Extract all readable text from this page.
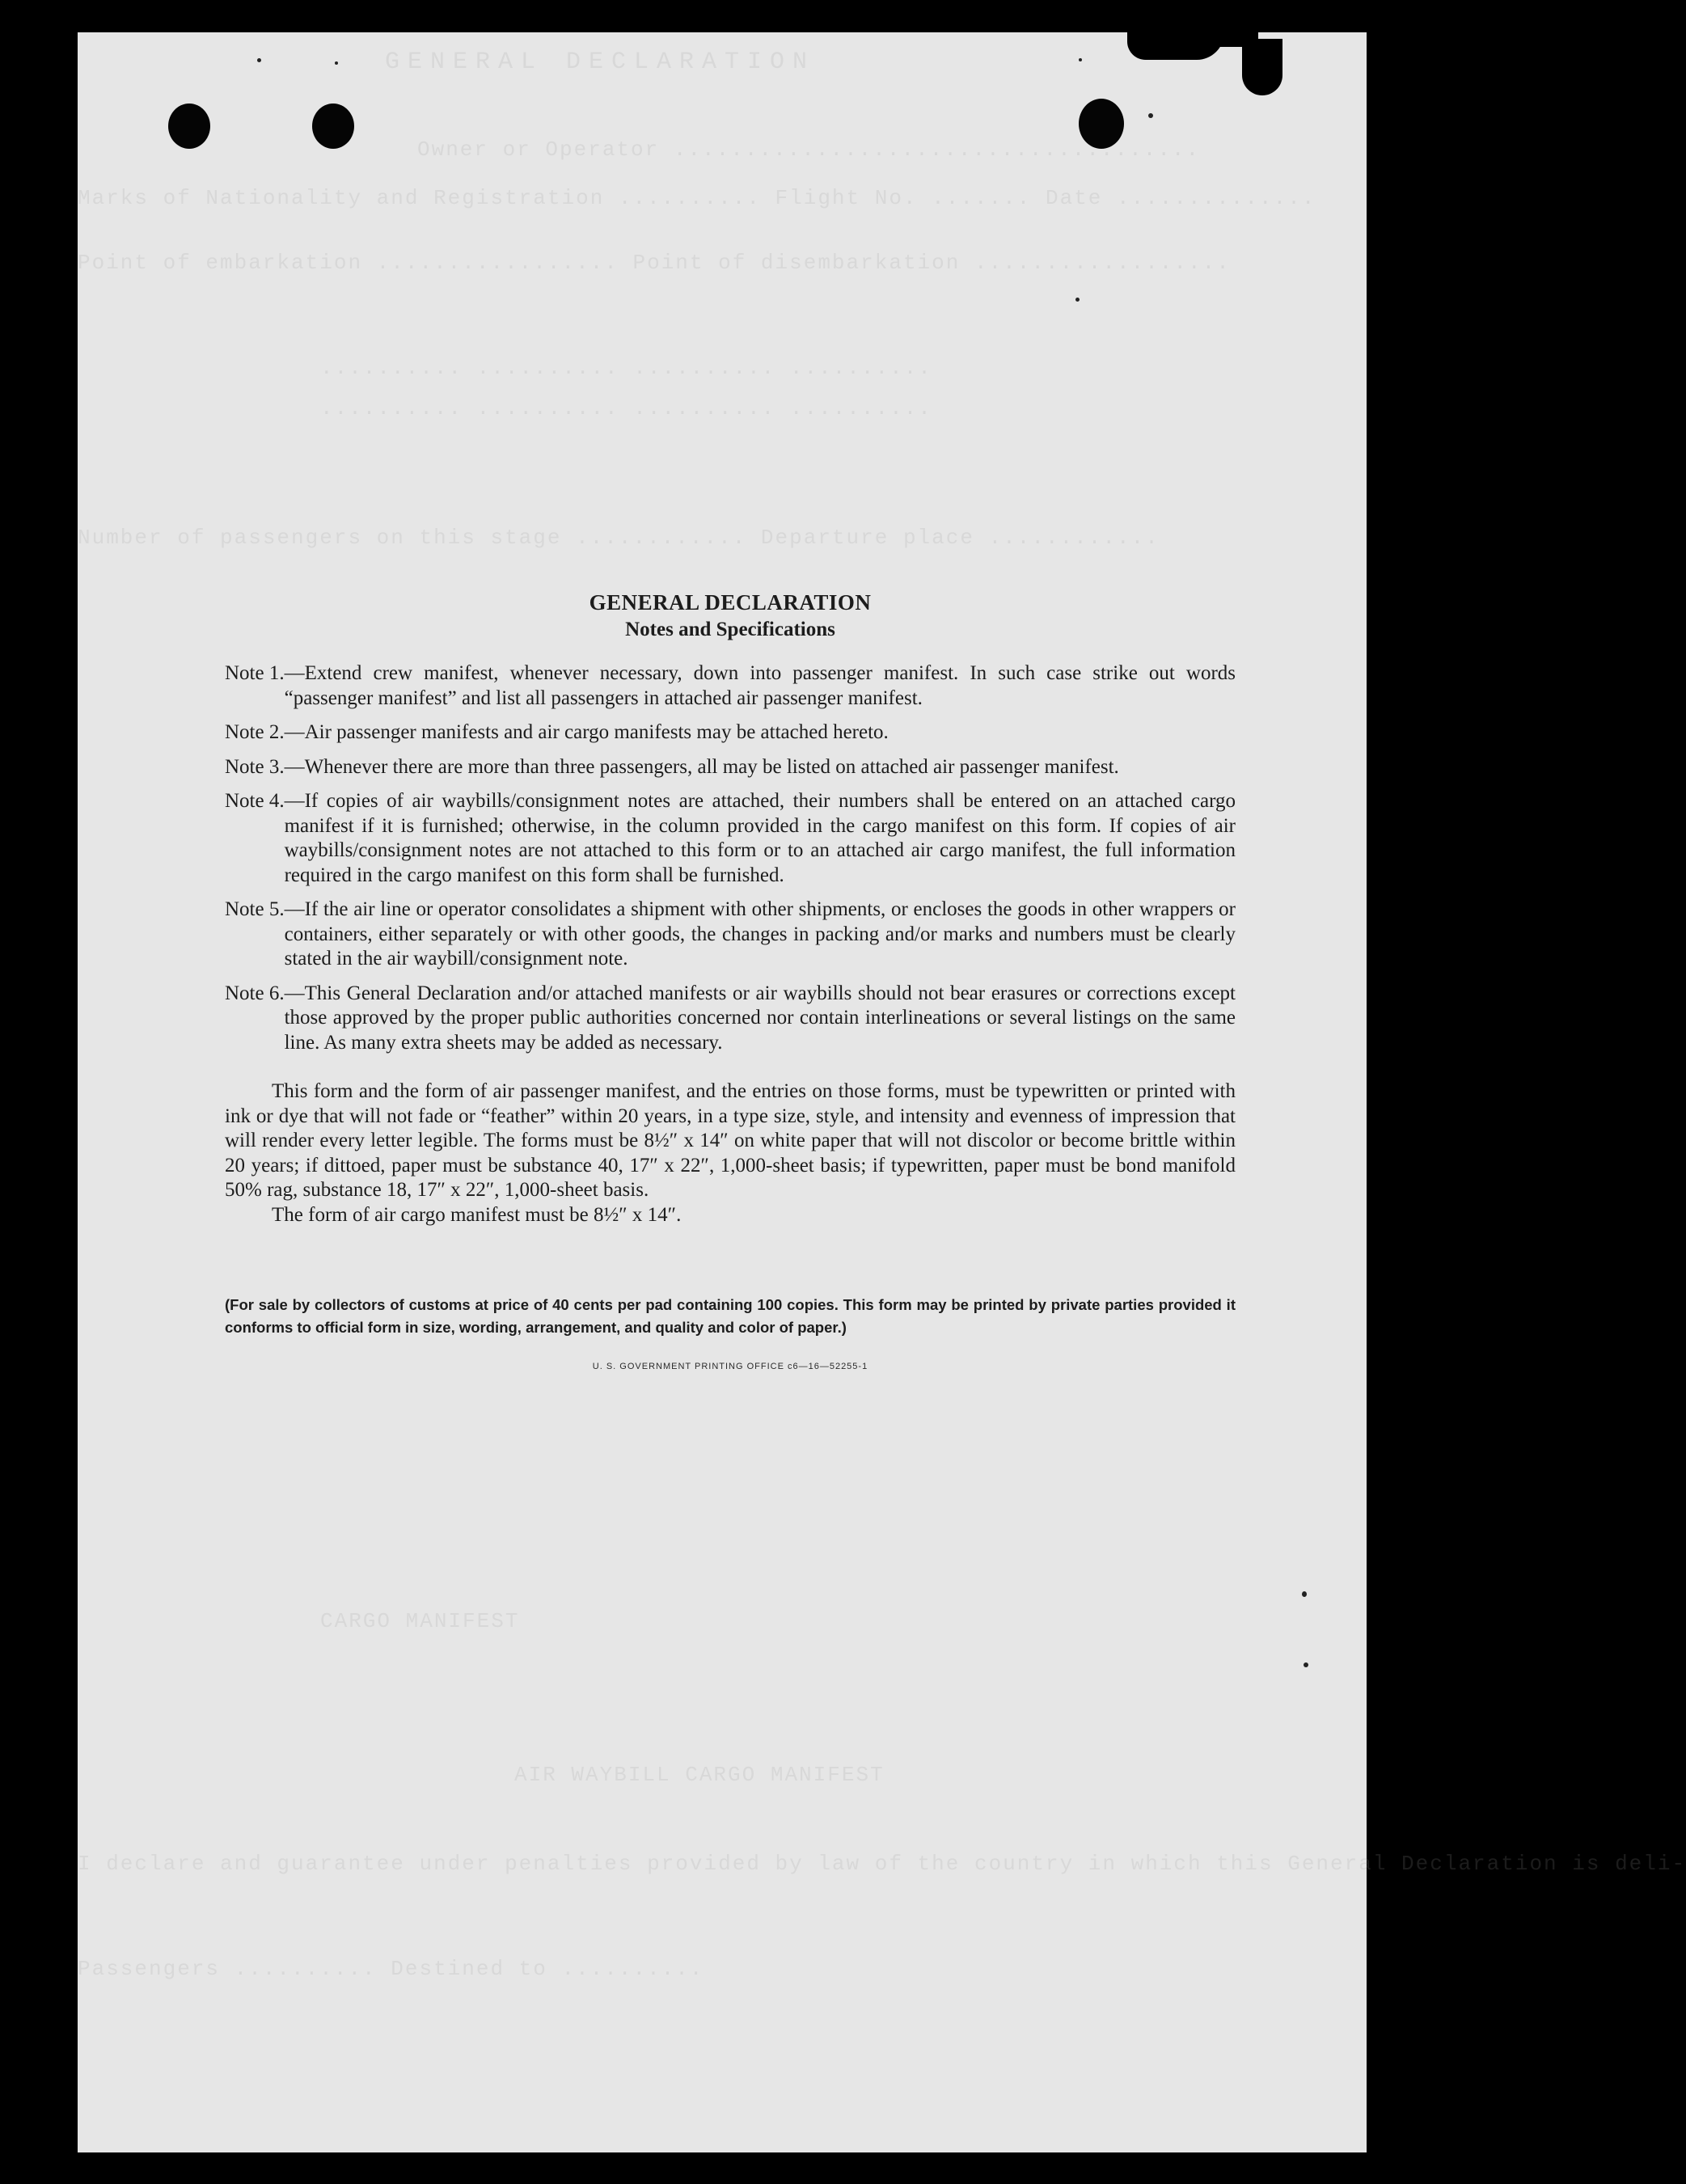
GENERAL DECLARATION
Owner or Operator .....................................
Marks of Nationality and Registration .......... Flight No. ....... Date ..............
Point of embarkation ................. Point of disembarkation ..................
.......... .......... .......... ..........
.......... .......... .......... ..........
Number of passengers on this stage ............ Departure place ............
CARGO MANIFEST
AIR WAYBILL CARGO MANIFEST
I declare and guarantee under penalties provided by law of the country in which this General Declaration is deli-
Passengers .......... Destined to ..........
GENERAL DECLARATION
Notes and Specifications
Note 1. —Extend crew manifest, whenever necessary, down into passenger manifest. In such case strike out words “passenger manifest” and list all passengers in attached air passenger manifest.
Note 2. —Air passenger manifests and air cargo manifests may be attached hereto.
Note 3. —Whenever there are more than three passengers, all may be listed on attached air passenger manifest.
Note 4. —If copies of air waybills/consignment notes are attached, their numbers shall be entered on an attached cargo manifest if it is furnished; otherwise, in the column provided in the cargo manifest on this form. If copies of air waybills/consignment notes are not attached to this form or to an attached air cargo manifest, the full information required in the cargo manifest on this form shall be furnished.
Note 5. —If the air line or operator consolidates a shipment with other shipments, or encloses the goods in other wrappers or containers, either separately or with other goods, the changes in packing and/or marks and numbers must be clearly stated in the air waybill/consignment note.
Note 6. —This General Declaration and/or attached manifests or air waybills should not bear erasures or corrections except those approved by the proper public authorities concerned nor contain interlineations or several listings on the same line. As many extra sheets may be added as necessary.

This form and the form of air passenger manifest, and the entries on those forms, must be typewritten or printed with ink or dye that will not fade or “feather” within 20 years, in a type size, style, and intensity and evenness of impression that will render every letter legible. The forms must be 8½″ x 14″ on white paper that will not discolor or become brittle within 20 years; if dittoed, paper must be substance 40, 17″ x 22″, 1,000-sheet basis; if typewritten, paper must be bond manifold 50% rag, substance 18, 17″ x 22″, 1,000-sheet basis.

The form of air cargo manifest must be 8½″ x 14″.

(For sale by collectors of customs at price of 40 cents per pad containing 100 copies. This form may be printed by private parties provided it conforms to official form in size, wording, arrangement, and quality and color of paper.)

U. S. GOVERNMENT PRINTING OFFICE c6—16—52255-1
